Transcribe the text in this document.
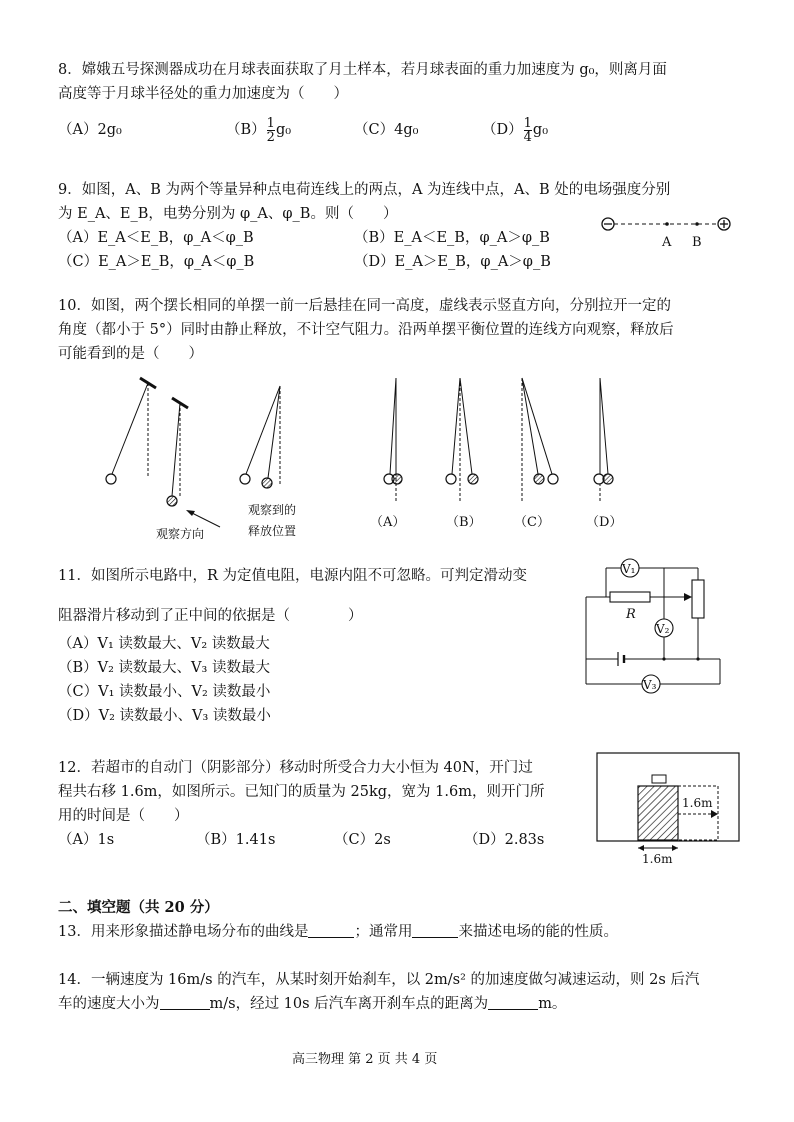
8．嫦娥五号探测器成功在月球表面获取了月土样本，若月球表面的重力加速度为 g₀，则离月面
高度等于月球半径处的重力加速度为（　　）
（A）2g₀	$(B) \frac{1}{2} g_0$	（C）4g₀	$(D) \frac{1}{4} g_0$
9．如图，A、B 为两个等量异种点电荷连线上的两点，A 为连线中点，A、B 处的电场强度分别
为 E_A、E_B，电势分别为 φ_A、φ_B。则（　　）
（A）E_A＜E_B，φ_A＜φ_B	（B）E_A＜E_B，φ_A＞φ_B
（C）E_A＞E_B，φ_A＜φ_B	（D）E_A＞E_B，φ_A＞φ_B
A B
10．如图，两个摆长相同的单摆一前一后悬挂在同一高度，虚线表示竖直方向，分别拉开一定的
角度（都小于 5°）同时由静止释放，不计空气阻力。沿两单摆平衡位置的连线方向观察，释放后
可能看到的是（　　）
观察方向
观察到的
释放位置
（A）	（B） （C）	（D）
11．如图所示电路中，R 为定值电阻，电源内阻不可忽略。可判定滑动变
阻器滑片移动到了正中间的依据是（　　　　）
（A）V₁ 读数最大、V₂ 读数最大
（B）V₂ 读数最大、V₃ 读数最大
（C）V₁ 读数最小、V₂ 读数最小
（D）V₂ 读数最小、V₃ 读数最小
V₁
R
V₂
V₃
12．若超市的自动门（阴影部分）移动时所受合力大小恒为 40N，开门过
程共右移 1.6m，如图所示。已知门的质量为 25kg，宽为 1.6m，则开门所
用的时间是（　　）
（A）1s	（B）1.41s	（C）2s	（D）2.83s
1.6m
1.6m
二、填空题（共 20 分）
13．用来形象描述静电场分布的曲线是	；通常用	来描述电场的能的性质。
14．一辆速度为 16m/s 的汽车，从某时刻开始刹车，以 2m/s² 的加速度做匀减速运动，则 2s 后汽
车的速度大小为	m/s，经过 10s 后汽车离开刹车点的距离为	m。
高三物理 第 2 页 共 4 页
